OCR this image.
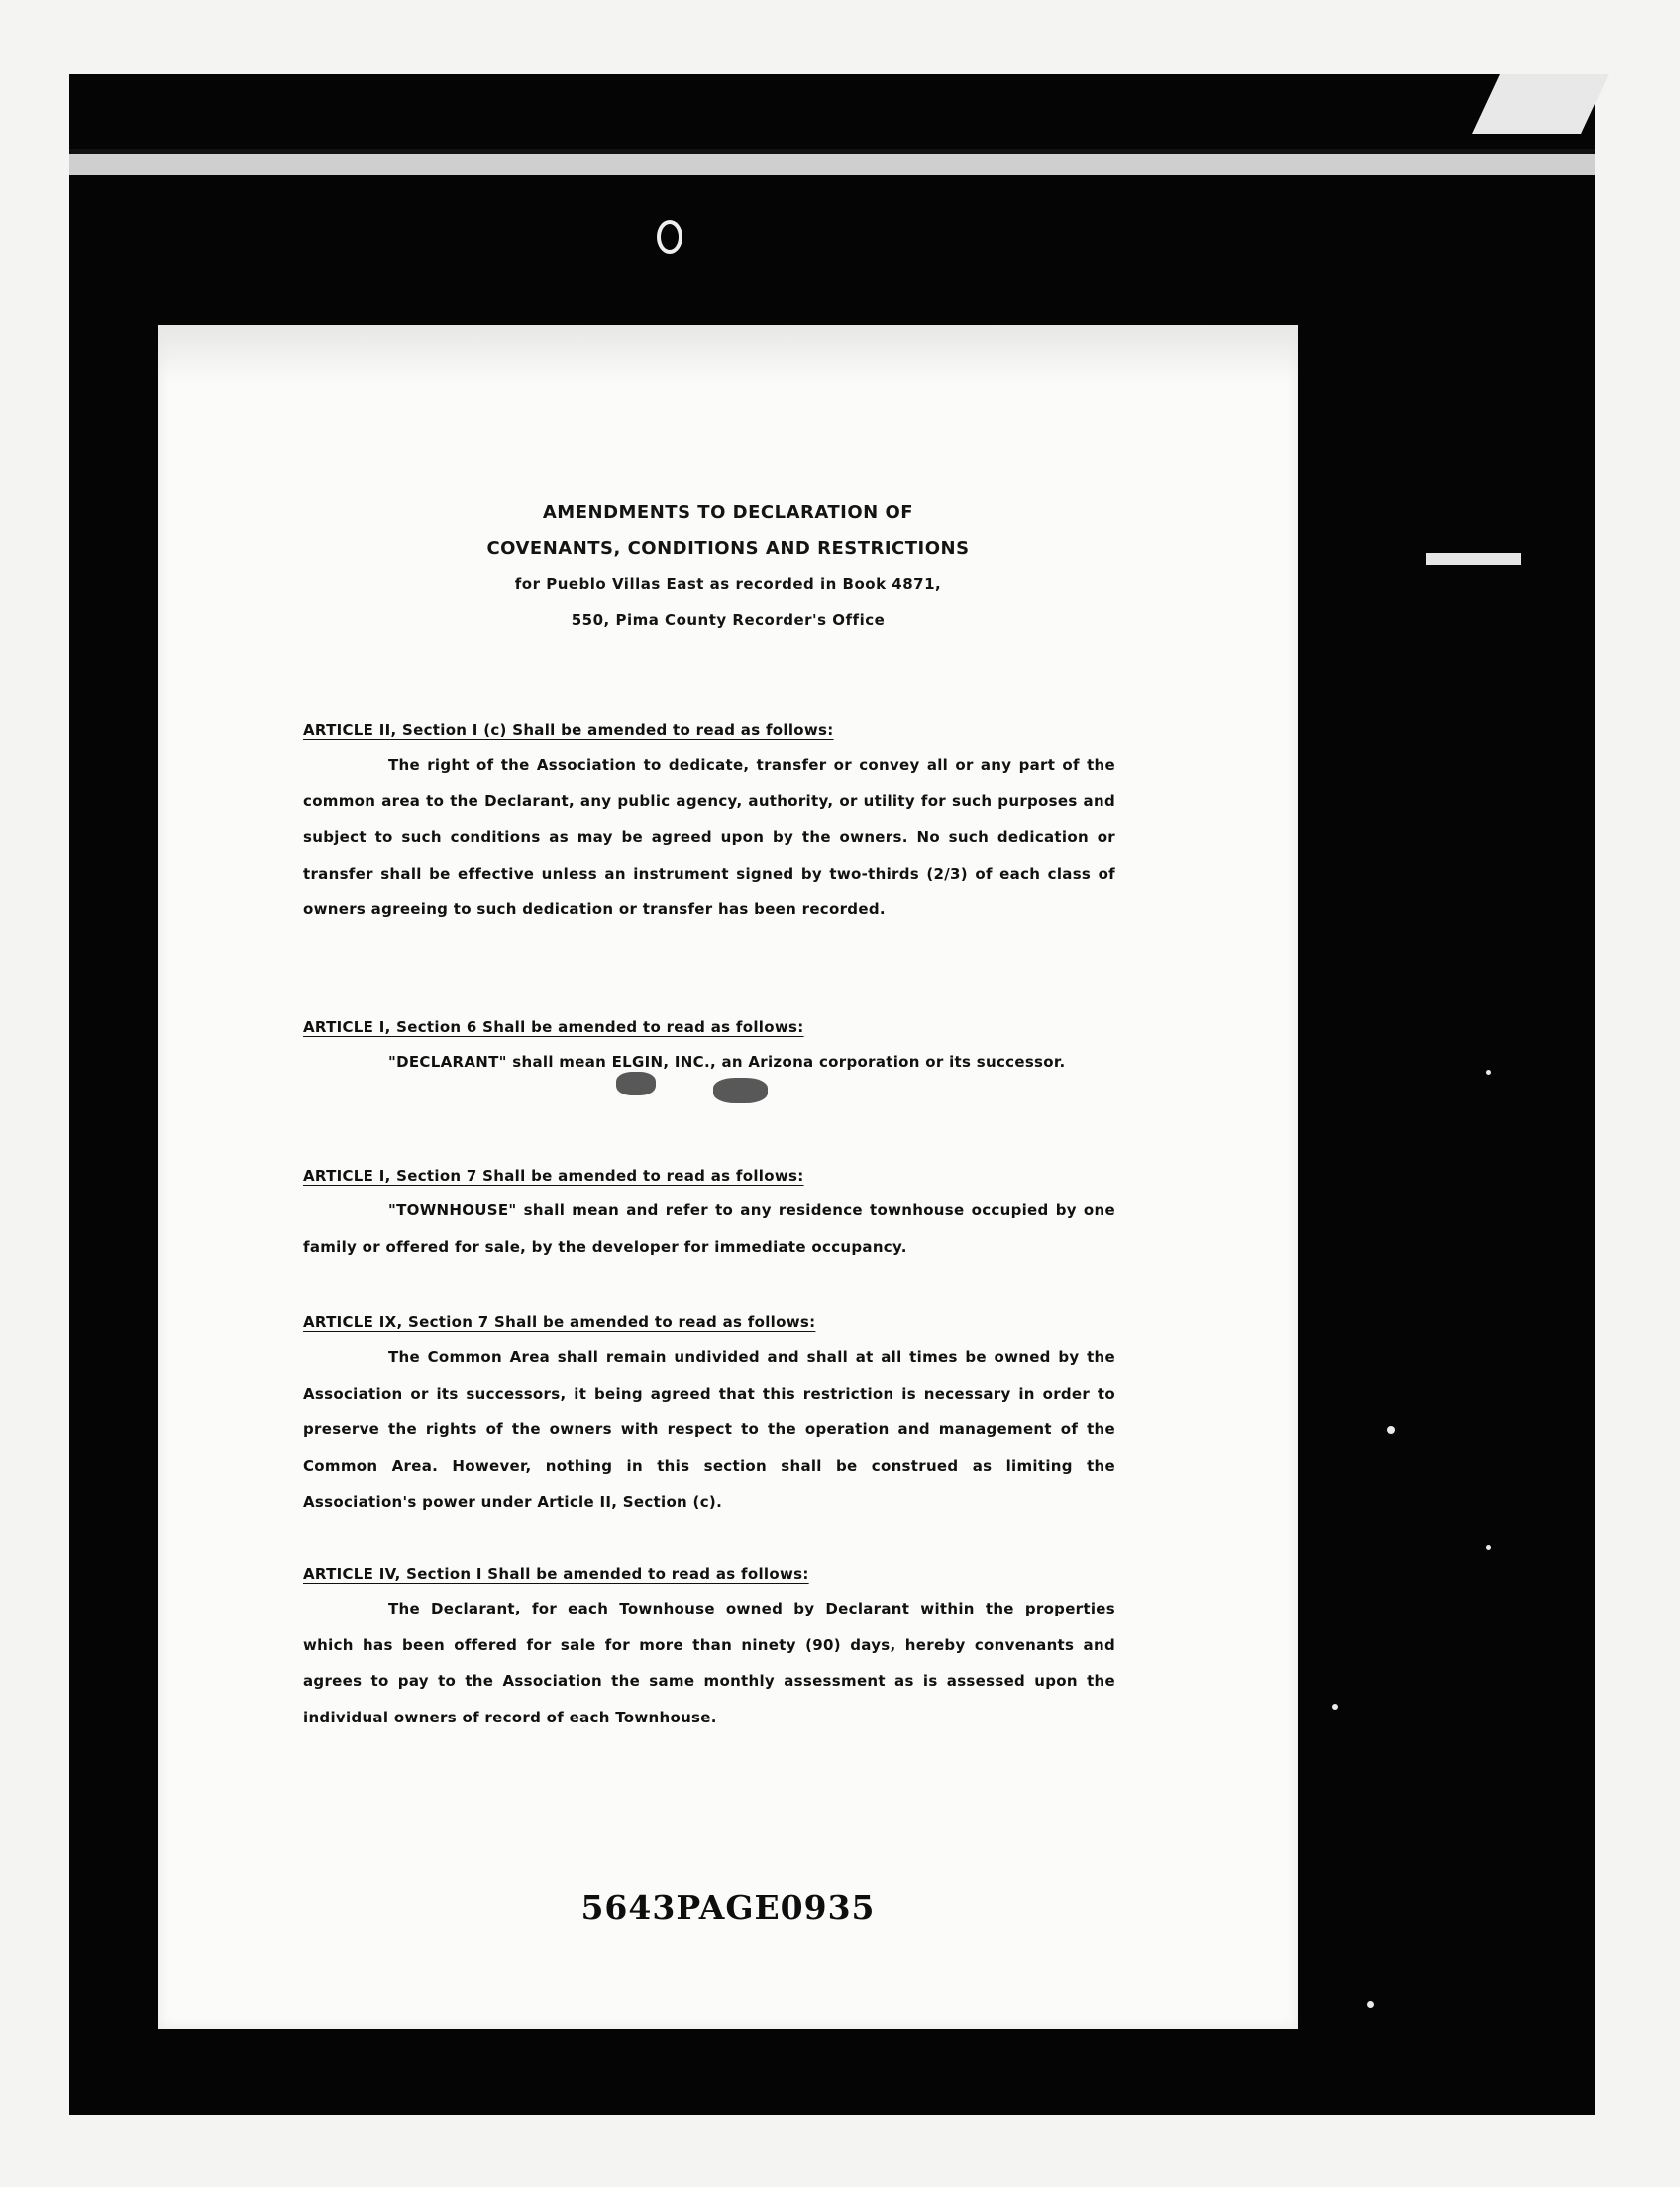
AMENDMENTS TO DECLARATION OF
COVENANTS, CONDITIONS AND RESTRICTIONS
for Pueblo Villas East as recorded in Book 4871,
550, Pima County Recorder's Office
ARTICLE II, Section I (c) Shall be amended to read as follows:

The right of the Association to dedicate, transfer or convey all or any part of the common area to the Declarant, any public agency, authority, or utility for such purposes and subject to such conditions as may be agreed upon by the owners. No such dedication or transfer shall be effective unless an instrument signed by two-thirds (2/3) of each class of owners agreeing to such dedication or transfer has been recorded.

ARTICLE I, Section 6 Shall be amended to read as follows:

"DECLARANT" shall mean ELGIN, INC., an Arizona corporation or its successor.

ARTICLE I, Section 7 Shall be amended to read as follows:

"TOWNHOUSE" shall mean and refer to any residence townhouse occupied by one family or offered for sale, by the developer for immediate occupancy.

ARTICLE IX, Section 7 Shall be amended to read as follows:

The Common Area shall remain undivided and shall at all times be owned by the Association or its successors, it being agreed that this restriction is necessary in order to preserve the rights of the owners with respect to the operation and management of the Common Area. However, nothing in this section shall be construed as limiting the Association's power under Article II, Section (c).

ARTICLE IV, Section I Shall be amended to read as follows:

The Declarant, for each Townhouse owned by Declarant within the properties which has been offered for sale for more than ninety (90) days, hereby convenants and agrees to pay to the Association the same monthly assessment as is assessed upon the individual owners of record of each Townhouse.

5643PAGE0935
